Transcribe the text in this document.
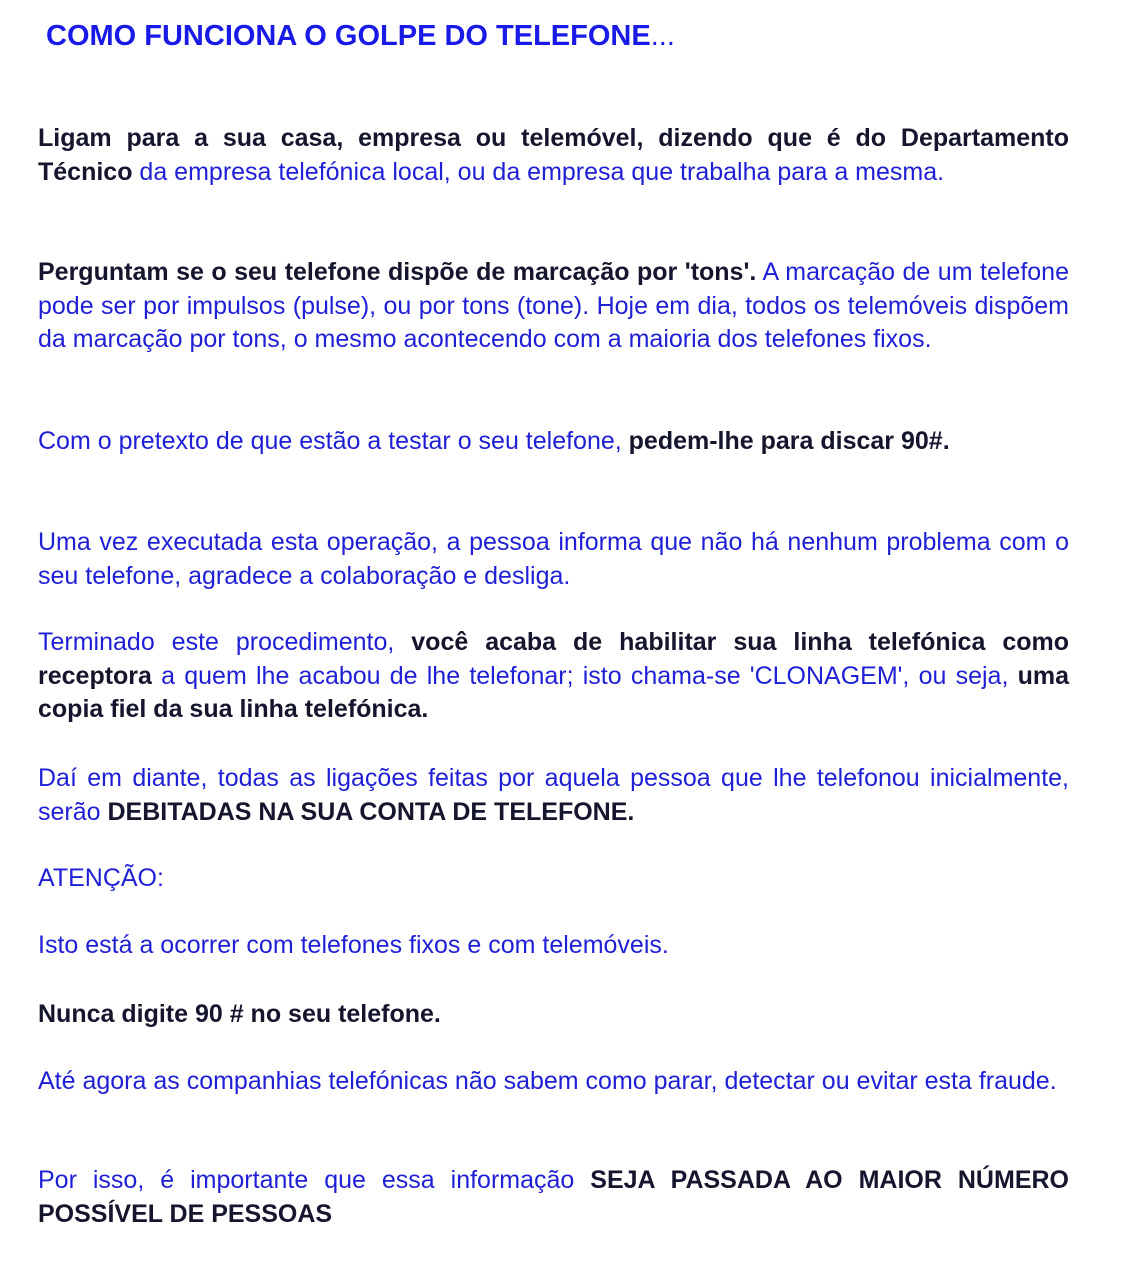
COMO FUNCIONA O GOLPE DO TELEFONE...

Ligam para a sua casa, empresa ou telemóvel, dizendo que é do Departamento Técnico da empresa telefónica local, ou da empresa que trabalha para a mesma.

Perguntam se o seu telefone dispõe de marcação por 'tons'. A marcação de um telefone pode ser por impulsos (pulse), ou por tons (tone). Hoje em dia, todos os telemóveis dispõem da marcação por tons, o mesmo acontecendo com a maioria dos telefones fixos.

Com o pretexto de que estão a testar o seu telefone, pedem-lhe para discar 90#.

Uma vez executada esta operação, a pessoa informa que não há nenhum problema com o seu telefone, agradece a colaboração e desliga.

Terminado este procedimento, você acaba de habilitar sua linha telefónica como receptora a quem lhe acabou de lhe telefonar; isto chama-se 'CLONAGEM', ou seja, uma copia fiel da sua linha telefónica.

Daí em diante, todas as ligações feitas por aquela pessoa que lhe telefonou inicialmente, serão DEBITADAS NA SUA CONTA DE TELEFONE.

ATENÇÃO:

Isto está a ocorrer com telefones fixos e com telemóveis.

Nunca digite 90 # no seu telefone.

Até agora as companhias telefónicas não sabem como parar, detectar ou evitar esta fraude.

Por isso, é importante que essa informação SEJA PASSADA AO MAIOR NÚMERO POSSÍVEL DE PESSOAS
